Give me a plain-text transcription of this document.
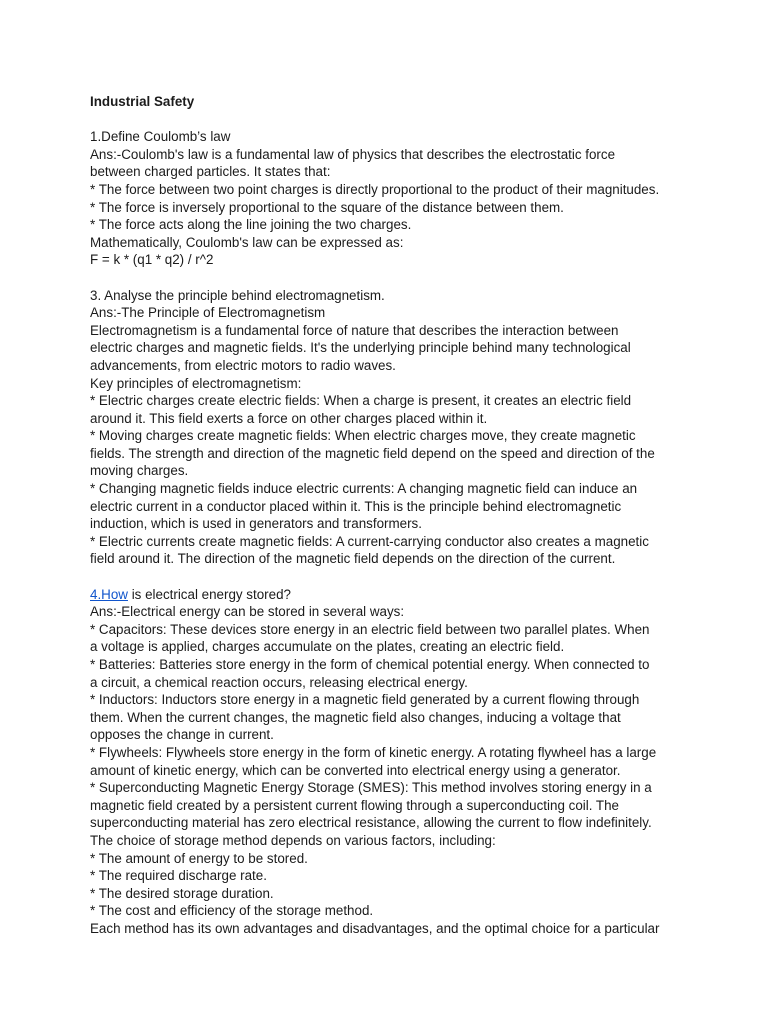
Industrial Safety

1.Define Coulomb’s law

Ans:-Coulomb's law is a fundamental law of physics that describes the electrostatic force

between charged particles. It states that:

* The force between two point charges is directly proportional to the product of their magnitudes.

* The force is inversely proportional to the square of the distance between them.

* The force acts along the line joining the two charges.

Mathematically, Coulomb's law can be expressed as:

F = k * (q1 * q2) / r^2

3. Analyse the principle behind electromagnetism.

Ans:-The Principle of Electromagnetism

Electromagnetism is a fundamental force of nature that describes the interaction between

electric charges and magnetic fields. It's the underlying principle behind many technological

advancements, from electric motors to radio waves.

Key principles of electromagnetism:

* Electric charges create electric fields: When a charge is present, it creates an electric field

around it. This field exerts a force on other charges placed within it.

* Moving charges create magnetic fields: When electric charges move, they create magnetic

fields. The strength and direction of the magnetic field depend on the speed and direction of the

moving charges.

* Changing magnetic fields induce electric currents: A changing magnetic field can induce an

electric current in a conductor placed within it. This is the principle behind electromagnetic

induction, which is used in generators and transformers.

* Electric currents create magnetic fields: A current-carrying conductor also creates a magnetic

field around it. The direction of the magnetic field depends on the direction of the current.

4.How is electrical energy stored?

Ans:-Electrical energy can be stored in several ways:

* Capacitors: These devices store energy in an electric field between two parallel plates. When

a voltage is applied, charges accumulate on the plates, creating an electric field.

* Batteries: Batteries store energy in the form of chemical potential energy. When connected to

a circuit, a chemical reaction occurs, releasing electrical energy.

* Inductors: Inductors store energy in a magnetic field generated by a current flowing through

them. When the current changes, the magnetic field also changes, inducing a voltage that

opposes the change in current.

* Flywheels: Flywheels store energy in the form of kinetic energy. A rotating flywheel has a large

amount of kinetic energy, which can be converted into electrical energy using a generator.

* Superconducting Magnetic Energy Storage (SMES): This method involves storing energy in a

magnetic field created by a persistent current flowing through a superconducting coil. The

superconducting material has zero electrical resistance, allowing the current to flow indefinitely.

The choice of storage method depends on various factors, including:

* The amount of energy to be stored.

* The required discharge rate.

* The desired storage duration.

* The cost and efficiency of the storage method.

Each method has its own advantages and disadvantages, and the optimal choice for a particular
